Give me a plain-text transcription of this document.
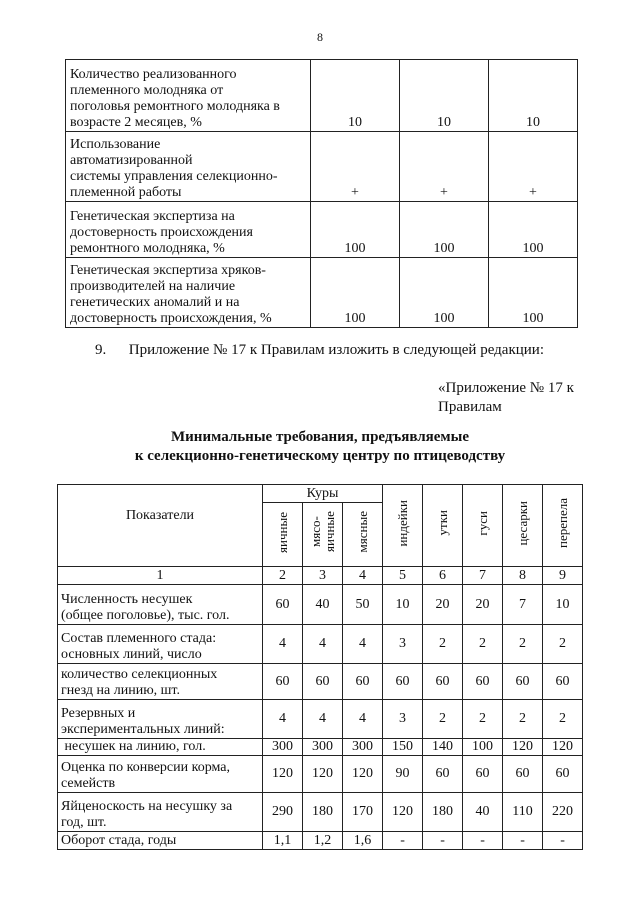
8
Количество реализованного
племенного молодняка от
поголовья ремонтного молодняка в
возрасте 2 месяцев, %	10	10	10

Использование
автоматизированной
системы управления селекционно-
племенной работы	+	+	+

Генетическая экспертиза на
достоверность происхождения
ремонтного молодняка, %	100	100	100

Генетическая экспертиза хряков-
производителей на наличие
генетических аномалий и на
достоверность происхождения, %	100	100	100
9.      Приложение № 17 к Правилам изложить в следующей редакции:
«Приложение № 17 к
Правилам
Минимальные требования, предъявляемые
к селекционно-генетическому центру по птицеводству
Показатели	Куры			индейки	утки	гуси	цесарки	перепела
	яичные	мясо-яичные	мясные					
1	2	3	4	5	6	7	8	9

Численность несушек
(общее поголовье), тыс. гол.	60	40	50	10	20	20	7	10

Состав племенного стада:
основных линий, число	4	4	4	3	2	2	2	2

количество селекционных
гнезд на линию, шт.	60	60	60	60	60	60	60	60

Резервных и
экспериментальных линий:	4	4	4	3	2	2	2	2

несушек на линию, гол.	300	300	300	150	140	100	120	120

Оценка по конверсии корма,
семейств	120	120	120	90	60	60	60	60

Яйценоскость на несушку за
год, шт.	290	180	170	120	180	40	110	220

Оборот стада, годы	1,1	1,2	1,6	-	-	-	-	-
